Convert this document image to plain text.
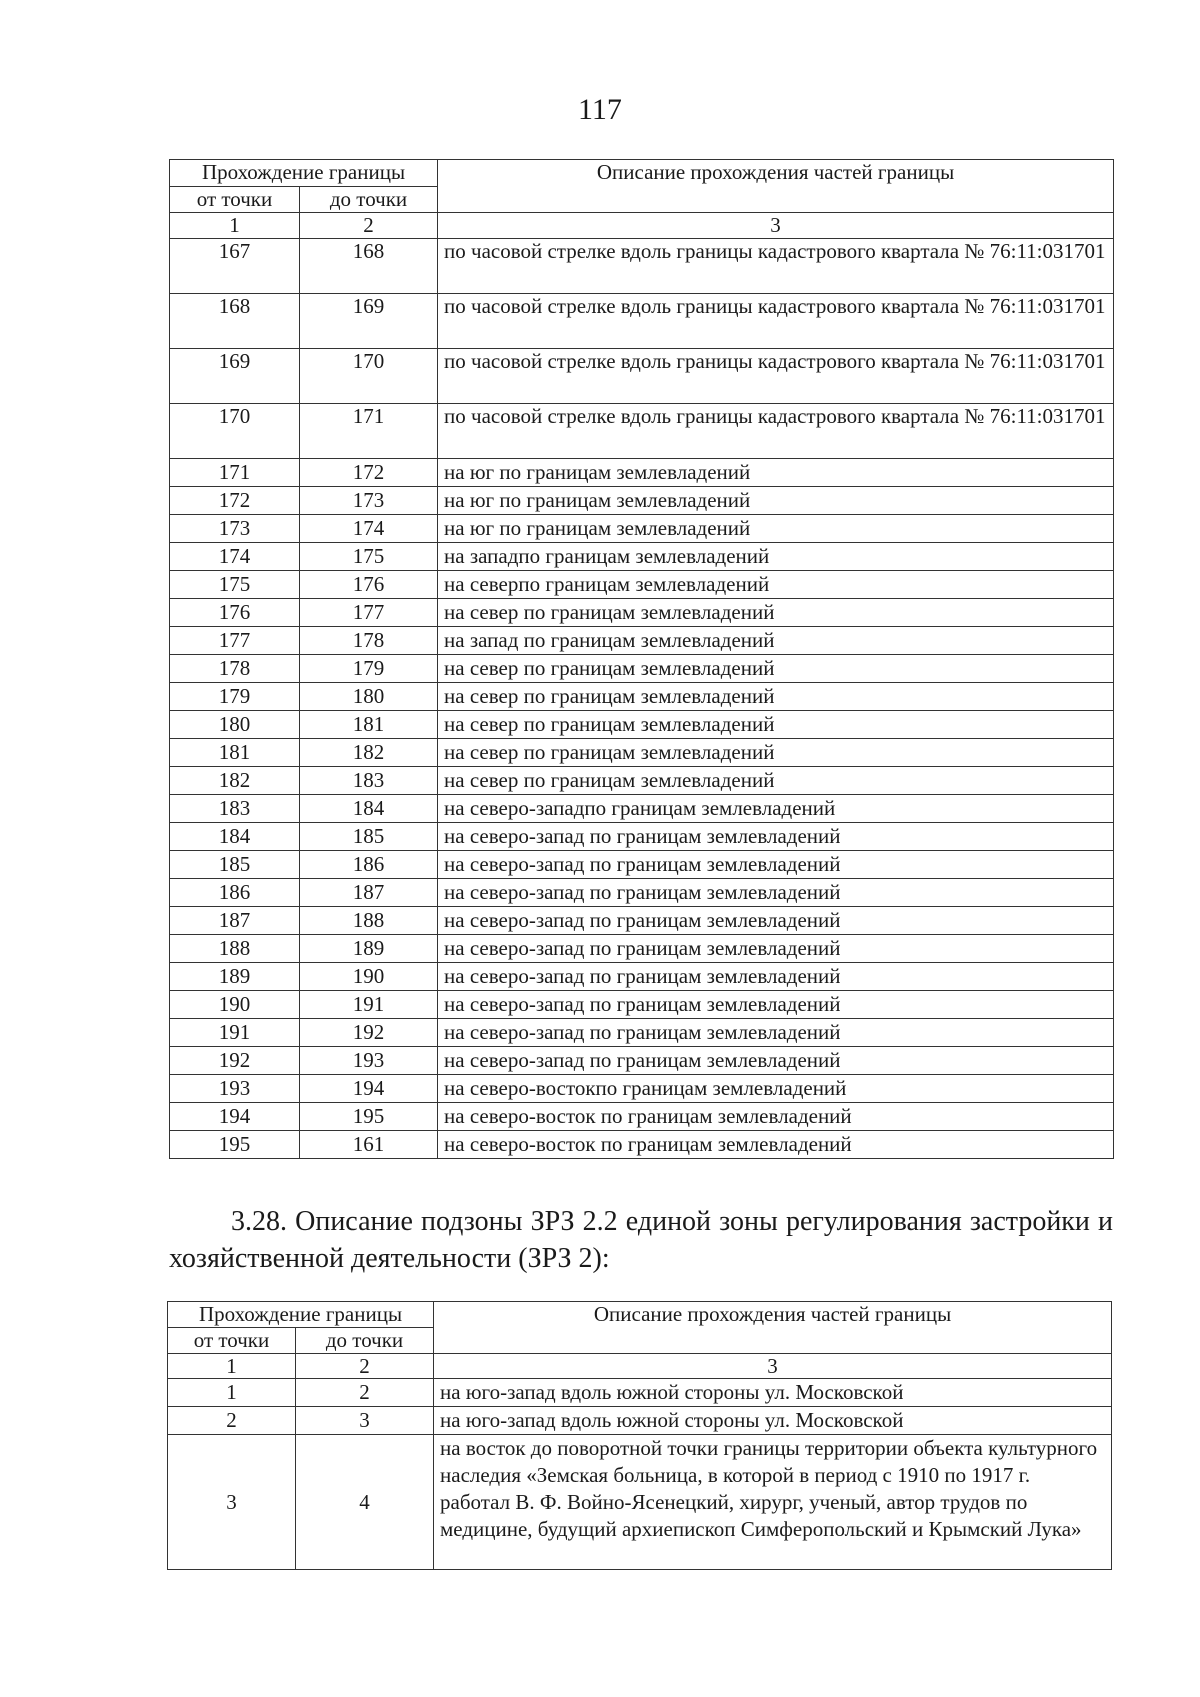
117
Прохождение границы		Описание прохождения частей границы
от точки	до точки	
1	2	3
167	168	по часовой стрелке вдоль границы кадастрового квартала № 76:11:031701
168	169	по часовой стрелке вдоль границы кадастрового квартала № 76:11:031701
169	170	по часовой стрелке вдоль границы кадастрового квартала № 76:11:031701
170	171	по часовой стрелке вдоль границы кадастрового квартала № 76:11:031701
171	172	на юг по границам землевладений
172	173	на юг по границам землевладений
173	174	на юг по границам землевладений
174	175	на западпо границам землевладений
175	176	на северпо границам землевладений
176	177	на север по границам землевладений
177	178	на запад по границам землевладений
178	179	на север по границам землевладений
179	180	на север по границам землевладений
180	181	на север по границам землевладений
181	182	на север по границам землевладений
182	183	на север по границам землевладений
183	184	на северо-западпо границам землевладений
184	185	на северо-запад по границам землевладений
185	186	на северо-запад по границам землевладений
186	187	на северо-запад по границам землевладений
187	188	на северо-запад по границам землевладений
188	189	на северо-запад по границам землевладений
189	190	на северо-запад по границам землевладений
190	191	на северо-запад по границам землевладений
191	192	на северо-запад по границам землевладений
192	193	на северо-запад по границам землевладений
193	194	на северо-востокпо границам землевладений
194	195	на северо-восток по границам землевладений
195	161	на северо-восток по границам землевладений
3.28. Описание подзоны ЗРЗ 2.2 единой зоны регулирования застройки и хозяйственной деятельности (ЗРЗ 2):
Прохождение границы		Описание прохождения частей границы
от точки	до точки	
1	2	3
1	2	на юго-запад вдоль южной стороны ул. Московской
2	3	на юго-запад вдоль южной стороны ул. Московской
3	4	на восток до поворотной точки границы территории объекта культурного наследия «Земская больница, в которой в период с 1910 по 1917 г. работал В. Ф. Войно-Ясенецкий, хирург, ученый, автор трудов по медицине, будущий архиепископ Симферопольский и Крымский Лука»
